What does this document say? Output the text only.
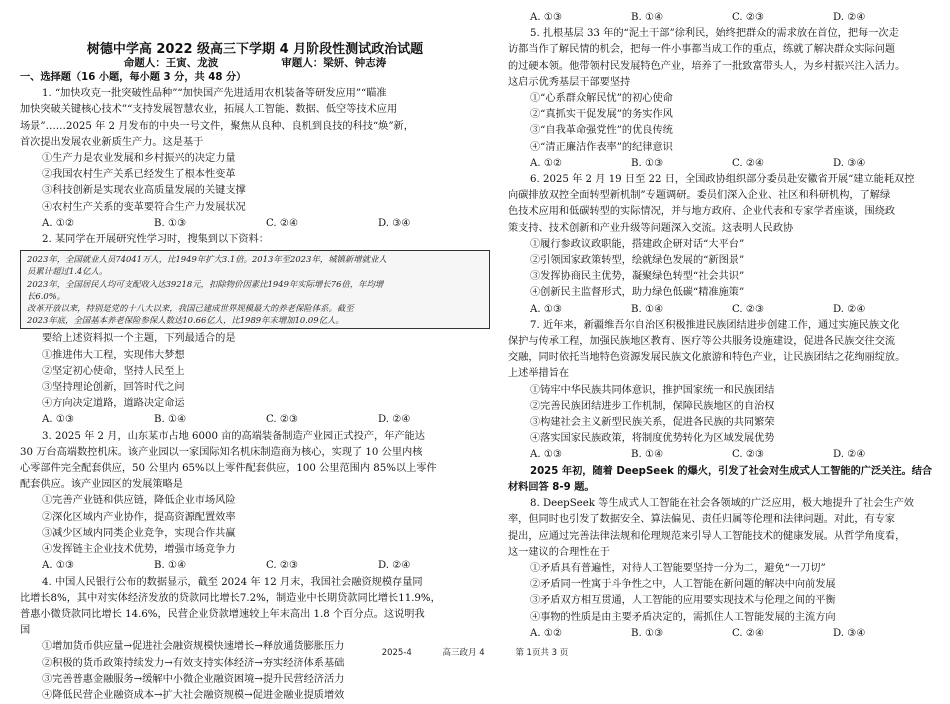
树德中学高 2022 级高三下学期 4 月阶段性测试政治试题
命题人：王寅、龙波　　　　　　审题人：梁妍、钟志涛
一、选择题（16 小题，每小题 3 分，共 48 分）
1. “加快攻克一批突破性品种”“加快国产先进适用农机装备等研发应用”“瞄准
加快突破关键核心技术”“支持发展智慧农业，拓展人工智能、数据、低空等技术应用
场景”……2025 年 2 月发布的中央一号文件，聚焦从良种、良机到良技的科技“焕”新，
首次提出发展农业新质生产力。这是基于
①生产力是农业发展和乡村振兴的决定力量
②我国农村生产关系已经发生了根本性变革
③科技创新是实现农业高质量发展的关键支撑
④农村生产关系的变革要符合生产力发展状况
A. ①②	B. ①③	C. ②④	D. ③④
2. 某同学在开展研究性学习时，搜集到以下资料：
2023年，全国就业人员74041万人，比1949年扩大3.1倍。2013年至2023年，城镇新增就业人
员累计超过1.4亿人。
2023年，全国居民人均可支配收入达39218元，扣除物价因素比1949年实际增长76倍，年均增
长6.0%。
改革开放以来，特别是党的十八大以来，我国已建成世界规模最大的养老保险体系。截至
2023年底，全国基本养老保险参保人数达10.66亿人，比1989年末增加10.09亿人。
要给上述资料拟一个主题，下列最适合的是
①推进伟大工程，实现伟大梦想
②坚定初心使命，坚持人民至上
③坚持理论创新，回答时代之问
④方向决定道路，道路决定命运
A. ①③	B. ①④	C. ②③	D. ②④
3. 2025 年 2 月，山东某市占地 6000 亩的高端装备制造产业园正式投产，年产能达
30 万台高端数控机床。该产业园以一家国际知名机床制造商为核心，实现了 10 公里内核
心零部件完全配套供应，50 公里内 65%以上零件配套供应，100 公里范围内 85%以上零件
配套供应。该产业园区的发展策略是
①完善产业链和供应链，降低企业市场风险
②深化区域内产业协作，提高资源配置效率
③减少区域内同类企业竞争，实现合作共赢
④发挥链主企业技术优势，增强市场竞争力
A. ①③	B. ①④	C. ②③	D. ②④
4. 中国人民银行公布的数据显示，截至 2024 年 12 月末，我国社会融资规模存量同
比增长8%，其中对实体经济发放的贷款同比增长7.2%，制造业中长期贷款同比增长11.9%，
普惠小微贷款同比增长 14.6%，民营企业贷款增速较上年末高出 1.8 个百分点。这说明我
国
①增加货币供应量→促进社会融资规模快速增长→释放通货膨胀压力
②积极的货币政策持续发力→有效支持实体经济→夯实经济体系基础
③完善普惠金融服务→缓解中小微企业融资困境→提升民营经济活力
④降低民营企业融资成本→扩大社会融资规模→促进金融业提质增效
A. ①③	B. ①④	C. ②③	D. ②④
5. 扎根基层 33 年的“泥土干部”徐利民，始终把群众的需求放在首位，把每一次走
访都当作了解民情的机会，把每一件小事都当成工作的重点，练就了解决群众实际问题
的过硬本领。他带领村民发展特色产业，培养了一批致富带头人，为乡村振兴注入活力。
这启示优秀基层干部要坚持
①“心系群众解民忧”的初心使命
②“真抓实干促发展”的务实作风
③“自我革命强党性”的优良传统
④“清正廉洁作表率”的纪律意识
A. ①②	B. ①③	C. ②④	D. ③④
6. 2025 年 2 月 19 日至 22 日，全国政协组织部分委员赴安徽省开展“建立能耗双控
向碳排放双控全面转型新机制”专题调研。委员们深入企业、社区和科研机构，了解绿
色技术应用和低碳转型的实际情况，并与地方政府、企业代表和专家学者座谈，围绕政
策支持、技术创新和产业升级等问题深入交流。这表明人民政协
①履行参政议政职能，搭建政企研对话“大平台”
②引领国家政策转型，绘就绿色发展的“新图景”
③发挥协商民主优势，凝聚绿色转型“社会共识”
④创新民主监督形式，助力绿色低碳“精准施策”
A. ①③	B. ①④	C. ②③	D. ②④
7. 近年来，新疆维吾尔自治区积极推进民族团结进步创建工作，通过实施民族文化
保护与传承工程，加强民族地区教育、医疗等公共服务设施建设，促进各民族交往交流
交融，同时依托当地特色资源发展民族文化旅游和特色产业，让民族团结之花绚丽绽放。
上述举措旨在
①铸牢中华民族共同体意识，推护国家统一和民族团结
②完善民族团结进步工作机制，保障民族地区的自治权
③构建社会主义新型民族关系，促进各民族的共同繁荣
④落实国家民族政策，将制度优势转化为区域发展优势
A. ①③	B. ①④	C. ②③	D. ②④
2025 年初，随着 DeepSeek 的爆火，引发了社会对生成式人工智能的广泛关注。结合
材料回答 8-9 题。
8. DeepSeek 等生成式人工智能在社会各领域的广泛应用，极大地提升了社会生产效
率，但同时也引发了数据安全、算法偏见、责任归属等伦理和法律问题。对此，有专家
提出，应通过完善法律法规和伦理规范来引导人工智能技术的健康发展。从哲学角度看，
这一建议的合理性在于
①矛盾具有普遍性，对待人工智能要坚持一分为二，避免“一刀切”
②矛盾同一性寓于斗争性之中，人工智能在新问题的解决中向前发展
③矛盾双方相互贯通，人工智能的应用要实现技术与伦理之间的平衡
④事物的性质是由主要矛盾决定的，需抓住人工智能发展的主流方向
A. ①②	B. ①③	C. ②④	D. ③④
2025-4	高三政月 4	第 1页共 3 页
